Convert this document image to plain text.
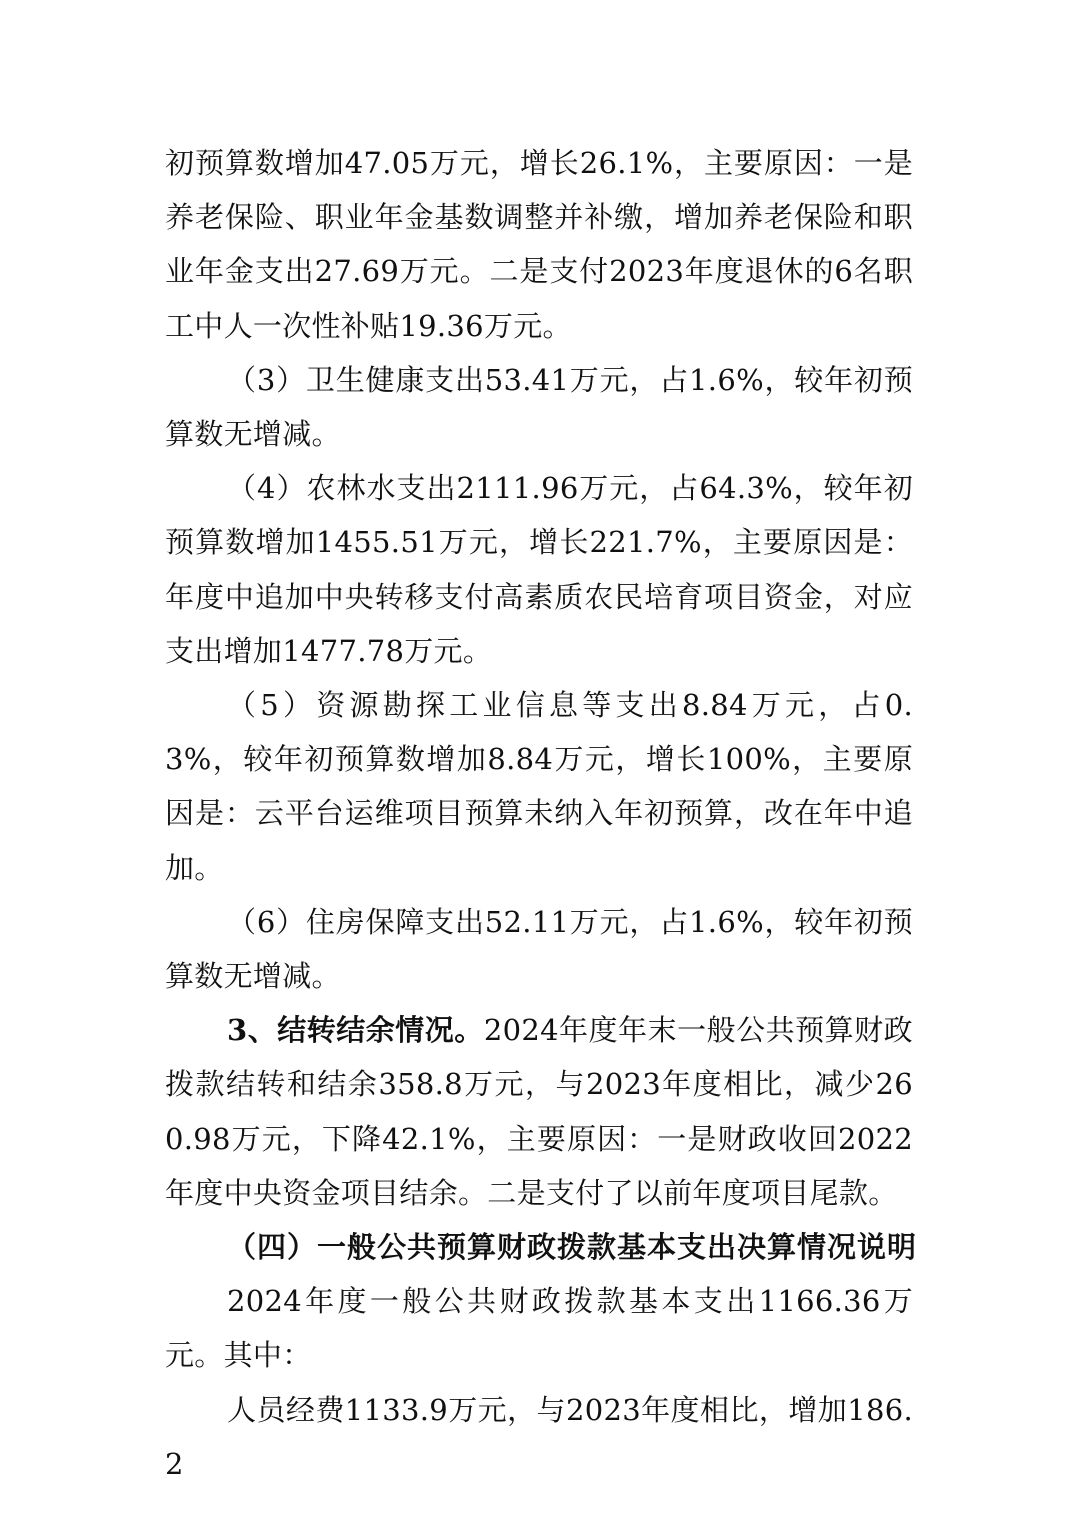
初预算数增加47.05万元，增长26.1%，主要原因：一是养老保险、职业年金基数调整并补缴，增加养老保险和职业年金支出27.69万元。二是支付2023年度退休的6名职工中人一次性补贴19.36万元。

（3）卫生健康支出53.41万元，占1.6%，较年初预算数无增减。

（4）农林水支出2111.96万元，占64.3%，较年初预算数增加1455.51万元，增长221.7%，主要原因是：年度中追加中央转移支付高素质农民培育项目资金，对应支出增加1477.78万元。

（5）资源勘探工业信息等支出8.84万元，占0.3%，较年初预算数增加8.84万元，增长100%，主要原因是：云平台运维项目预算未纳入年初预算，改在年中追加。

（6）住房保障支出52.11万元，占1.6%，较年初预算数无增减。

3、结转结余情况。2024年度年末一般公共预算财政拨款结转和结余358.8万元，与2023年度相比，减少260.98万元，下降42.1%，主要原因：一是财政收回2022年度中央资金项目结余。二是支付了以前年度项目尾款。

（四）一般公共预算财政拨款基本支出决算情况说明

2024年度一般公共财政拨款基本支出1166.36万元。其中：

人员经费1133.9万元，与2023年度相比，增加186.2
